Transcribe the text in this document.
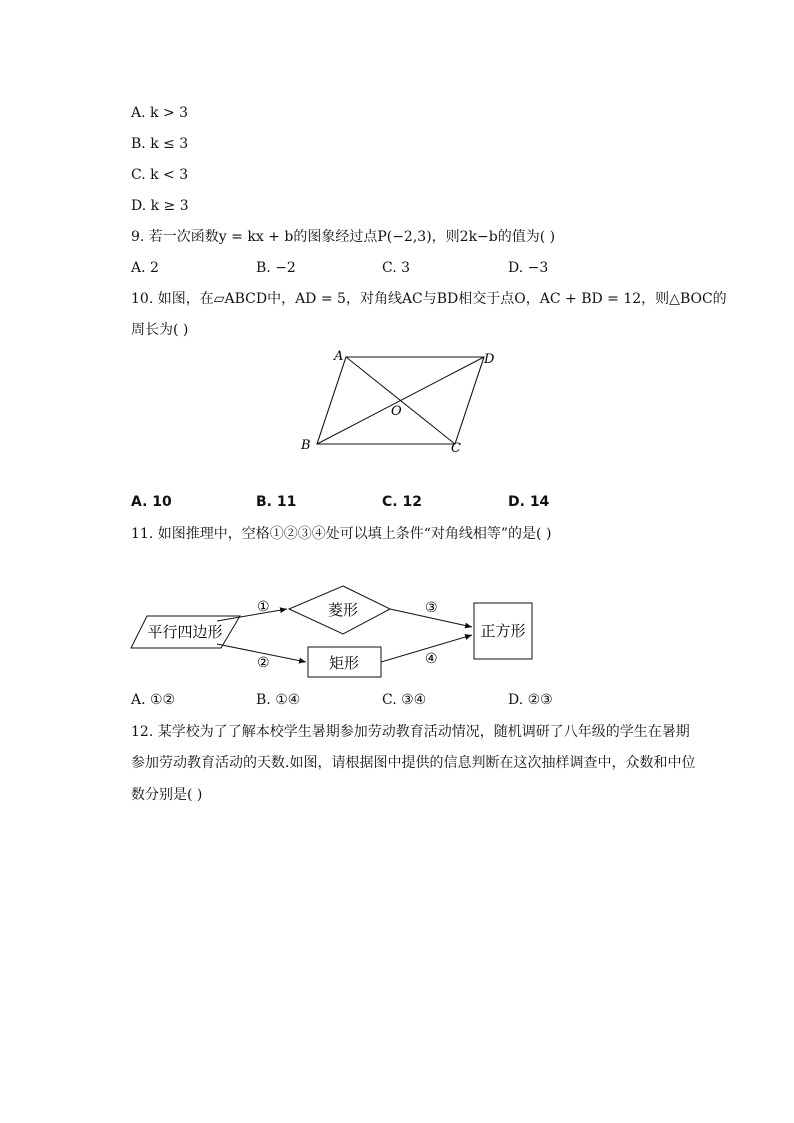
A. k > 3
B. k ≤ 3
C. k < 3
D. k ≥ 3
9. 若一次函数y = kx + b的图象经过点P(−2,3)，则2k−b的值为( )
A. 2	B. −2	C. 3	D. −3
10. 如图，在▱ABCD中，AD = 5，对角线AC与BD相交于点O，AC + BD = 12，则△BOC的
周长为( )
A	D
B	C
O
A. 10	B. 11	C. 12	D. 14
11. 如图推理中，空格①②③④处可以填上条件“对角线相等”的是( )
平行四边形
菱形
矩形
正方形
①
②
③
④
A. ①②	B. ①④	C. ③④	D. ②③
12. 某学校为了了解本校学生暑期参加劳动教育活动情况，随机调研了八年级的学生在暑期
参加劳动教育活动的天数.如图，请根据图中提供的信息判断在这次抽样调查中，众数和中位
数分别是( )
